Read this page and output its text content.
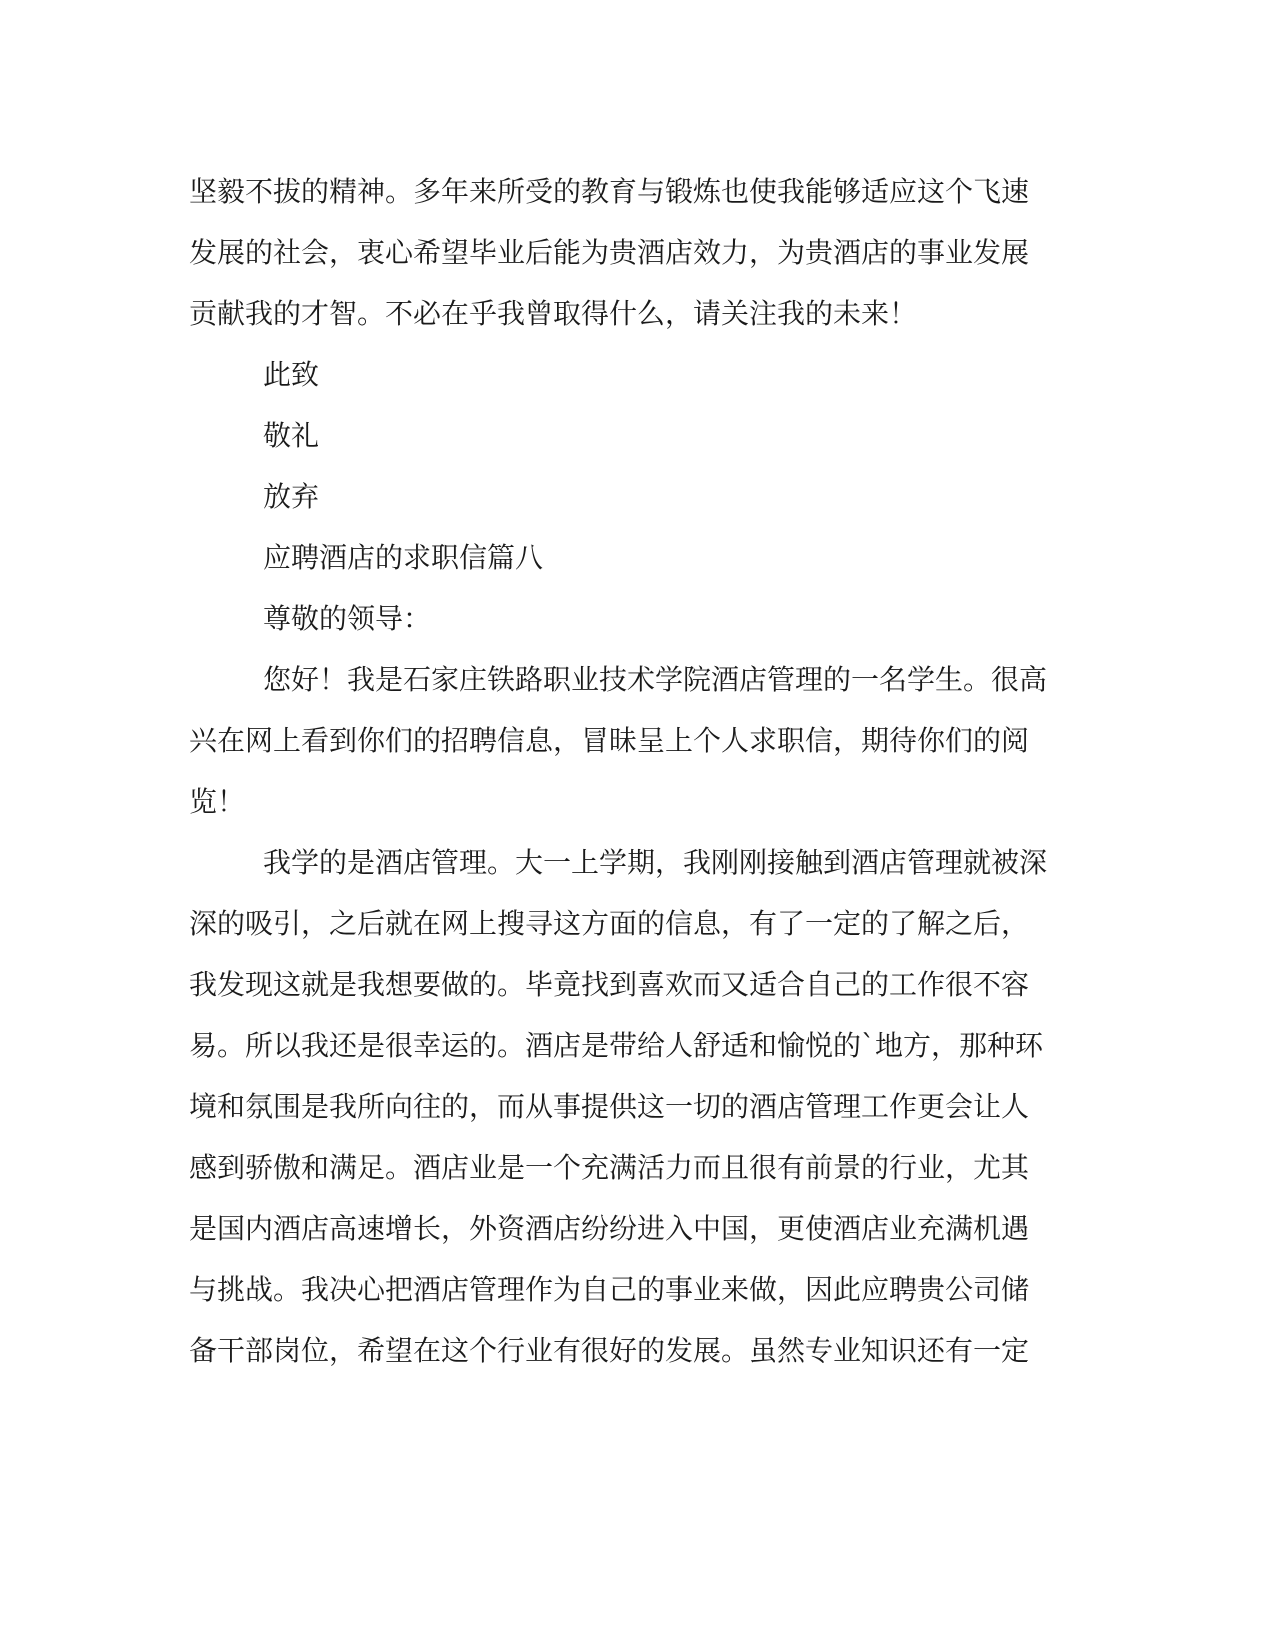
坚毅不拔的精神。多年来所受的教育与锻炼也使我能够适应这个飞速
发展的社会，衷心希望毕业后能为贵酒店效力，为贵酒店的事业发展
贡献我的才智。不必在乎我曾取得什么，请关注我的未来！
此致
敬礼
放弃
应聘酒店的求职信篇八
尊敬的领导：
您好！我是石家庄铁路职业技术学院酒店管理的一名学生。很高
兴在网上看到你们的招聘信息，冒昧呈上个人求职信，期待你们的阅
览！
我学的是酒店管理。大一上学期，我刚刚接触到酒店管理就被深
深的吸引，之后就在网上搜寻这方面的信息，有了一定的了解之后，
我发现这就是我想要做的。毕竟找到喜欢而又适合自己的工作很不容
易。所以我还是很幸运的。酒店是带给人舒适和愉悦的`地方，那种环
境和氛围是我所向往的，而从事提供这一切的酒店管理工作更会让人
感到骄傲和满足。酒店业是一个充满活力而且很有前景的行业，尤其
是国内酒店高速增长，外资酒店纷纷进入中国，更使酒店业充满机遇
与挑战。我决心把酒店管理作为自己的事业来做，因此应聘贵公司储
备干部岗位，希望在这个行业有很好的发展。虽然专业知识还有一定
